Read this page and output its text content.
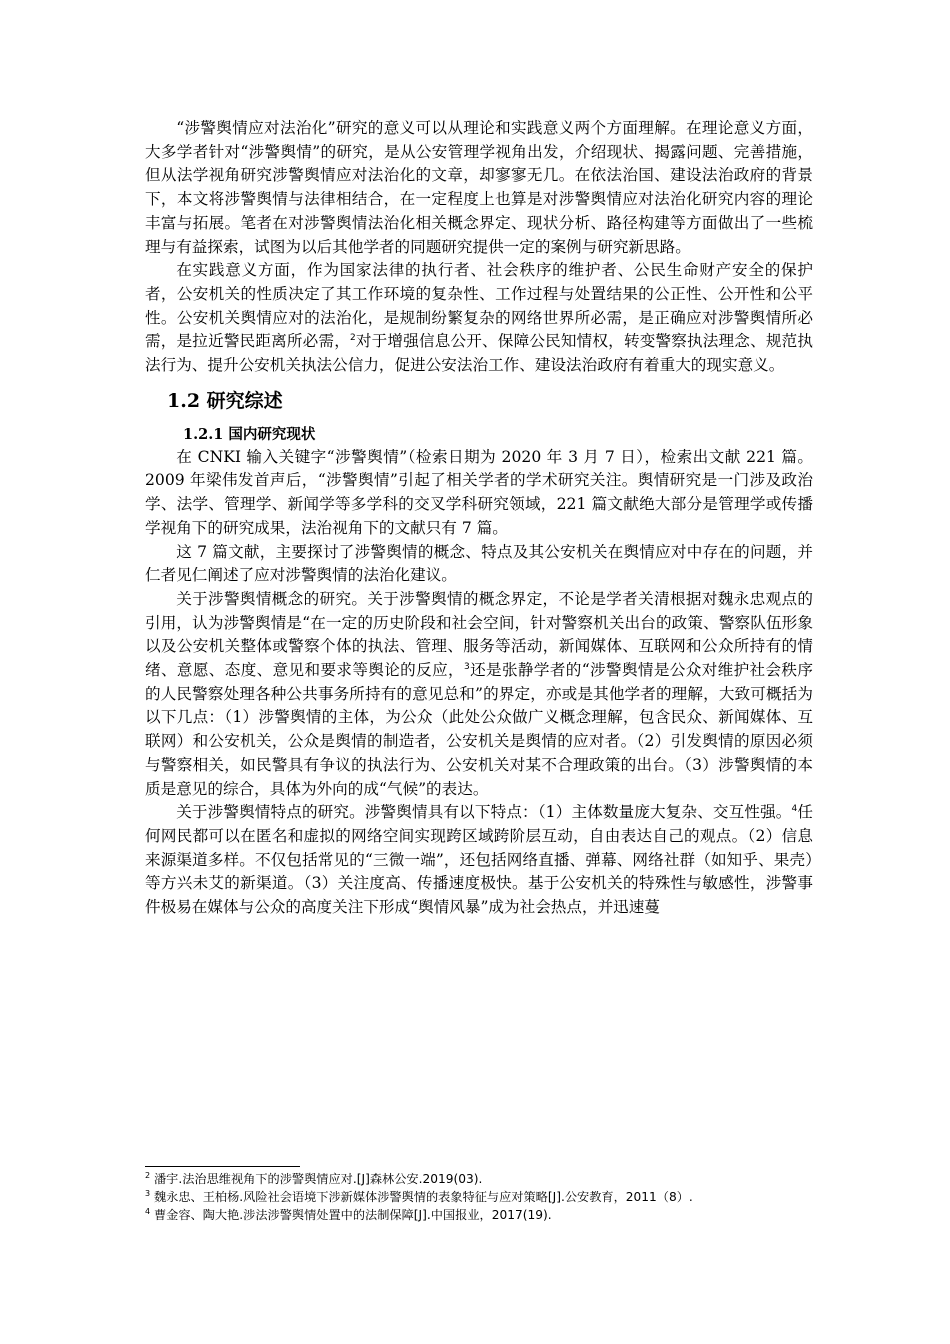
“涉警舆情应对法治化”研究的意义可以从理论和实践意义两个方面理解。在理论意义方面，大多学者针对“涉警舆情”的研究，是从公安管理学视角出发，介绍现状、揭露问题、完善措施，但从法学视角研究涉警舆情应对法治化的文章，却寥寥无几。在依法治国、建设法治政府的背景下，本文将涉警舆情与法律相结合，在一定程度上也算是对涉警舆情应对法治化研究内容的理论丰富与拓展。笔者在对涉警舆情法治化相关概念界定、现状分析、路径构建等方面做出了一些梳理与有益探索，试图为以后其他学者的同题研究提供一定的案例与研究新思路。

在实践意义方面，作为国家法律的执行者、社会秩序的维护者、公民生命财产安全的保护者，公安机关的性质决定了其工作环境的复杂性、工作过程与处置结果的公正性、公开性和公平性。公安机关舆情应对的法治化，是规制纷繁复杂的网络世界所必需，是正确应对涉警舆情所必需，是拉近警民距离所必需，$^2$对于增强信息公开、保障公民知情权，转变警察执法理念、规范执法行为、提升公安机关执法公信力，促进公安法治工作、建设法治政府有着重大的现实意义。

1.2 研究综述
1.2.1 国内研究现状

在 CNKI 输入关键字“涉警舆情”（检索日期为 2020 年 3 月 7 日），检索出文献 221 篇。2009 年梁伟发首声后，“涉警舆情”引起了相关学者的学术研究关注。舆情研究是一门涉及政治学、法学、管理学、新闻学等多学科的交叉学科研究领域，221 篇文献绝大部分是管理学或传播学视角下的研究成果，法治视角下的文献只有 7 篇。

这 7 篇文献，主要探讨了涉警舆情的概念、特点及其公安机关在舆情应对中存在的问题，并仁者见仁阐述了应对涉警舆情的法治化建议。

关于涉警舆情概念的研究。关于涉警舆情的概念界定，不论是学者关清根据对魏永忠观点的引用，认为涉警舆情是“在一定的历史阶段和社会空间，针对警察机关出台的政策、警察队伍形象以及公安机关整体或警察个体的执法、管理、服务等活动，新闻媒体、互联网和公众所持有的情绪、意愿、态度、意见和要求等舆论的反应，$^3$还是张静学者的“涉警舆情是公众对维护社会秩序的人民警察处理各种公共事务所持有的意见总和”的界定，亦或是其他学者的理解，大致可概括为以下几点：（1）涉警舆情的主体，为公众（此处公众做广义概念理解，包含民众、新闻媒体、互联网）和公安机关，公众是舆情的制造者，公安机关是舆情的应对者。（2）引发舆情的原因必须与警察相关，如民警具有争议的执法行为、公安机关对某不合理政策的出台。（3）涉警舆情的本质是意见的综合，具体为外向的成“气候”的表达。

关于涉警舆情特点的研究。涉警舆情具有以下特点：（1）主体数量庞大复杂、交互性强。$^4$任何网民都可以在匿名和虚拟的网络空间实现跨区域跨阶层互动，自由表达自己的观点。（2）信息来源渠道多样。不仅包括常见的“三微一端”，还包括网络直播、弹幕、网络社群（如知乎、果壳）等方兴未艾的新渠道。（3）关注度高、传播速度极快。基于公安机关的特殊性与敏感性，涉警事件极易在媒体与公众的高度关注下形成“舆情风暴”成为社会热点，并迅速蔓

$^2$ 潘宇.法治思维视角下的涉警舆情应对.[J]森林公安.2019(03).

$^3$ 魏永忠、王柏杨.风险社会语境下涉新媒体涉警舆情的表象特征与应对策略[J].公安教育，2011（8）.

$^4$ 曹金容、陶大艳.涉法涉警舆情处置中的法制保障[J].中国报业，2017(19).
